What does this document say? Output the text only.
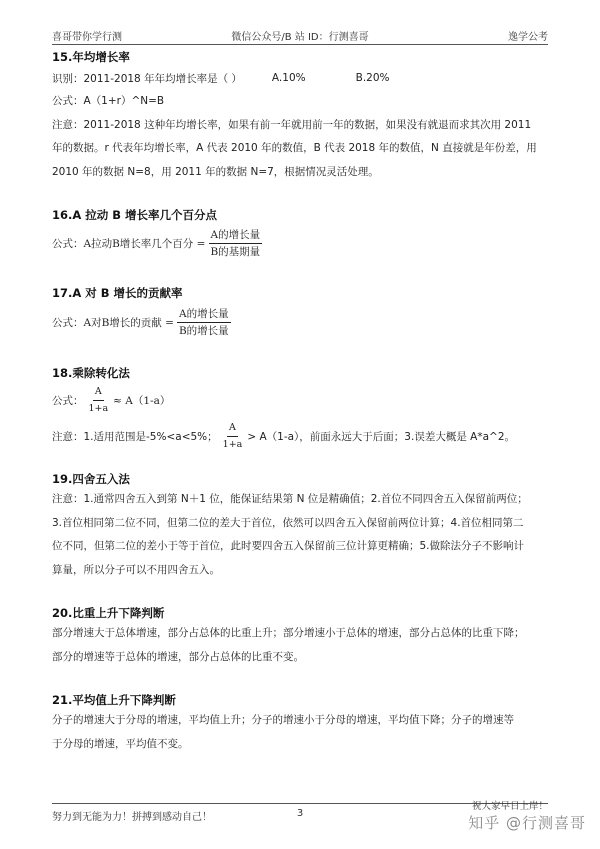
喜哥带你学行测	微信公众号/B 站 ID：行测喜哥	逸学公考

15.年均增长率

识别： 2011-2018 年年均增长率是（ ）	A.10%	B.20%

公式：A（1+r）^N=B

注意：2011-2018 这种年均增长率，如果有前一年就用前一年的数据，如果没有就退而求其次用 2011

年的数据。r 代表年均增长率，A 代表 2010 年的数值，B 代表 2018 年的数值，N 直接就是年份差，用

2010 年的数据 N=8，用 2011 年的数据 N=7，根据情况灵活处理。

16.A 拉动 B 增长率几个百分点

公式： A拉动B增长率几个百分 = $\frac{\text{A的增长量}}{\text{B的基期量}}$

17.A 对 B 增长的贡献率

公式： A对B增长的贡献 = $\frac{\text{A的增长量}}{\text{B的增长量}}$

18.乘除转化法

公式： $\frac{A}{1+a} \approx A(1-a)$
注意：1.适用范围是-5%<a<5%； $\frac{A}{1+a} > A(1-a)$，前面永远大于后面；3.误差大概是 A*a^2。

19.四舍五入法

注意：1.通常四舍五入到第 N＋1 位，能保证结果第 N 位是精确值；2.首位不同四舍五入保留前两位；

3.首位相同第二位不同，但第二位的差大于首位，依然可以四舍五入保留前两位计算；4.首位相同第二

位不同，但第二位的差小于等于首位，此时要四舍五入保留前三位计算更精确；5.做除法分子不影响计

算量，所以分子可以不用四舍五入。

20.比重上升下降判断

部分增速大于总体增速，部分占总体的比重上升；部分增速小于总体的增速，部分占总体的比重下降；

部分的增速等于总体的增速，部分占总体的比重不变。

21.平均值上升下降判断

分子的增速大于分母的增速，平均值上升；分子的增速小于分母的增速，平均值下降；分子的增速等

于分母的增速，平均值不变。

努力到无能为力！拼搏到感动自己！	3
祝大家早日上岸！
知乎 @行测喜哥
